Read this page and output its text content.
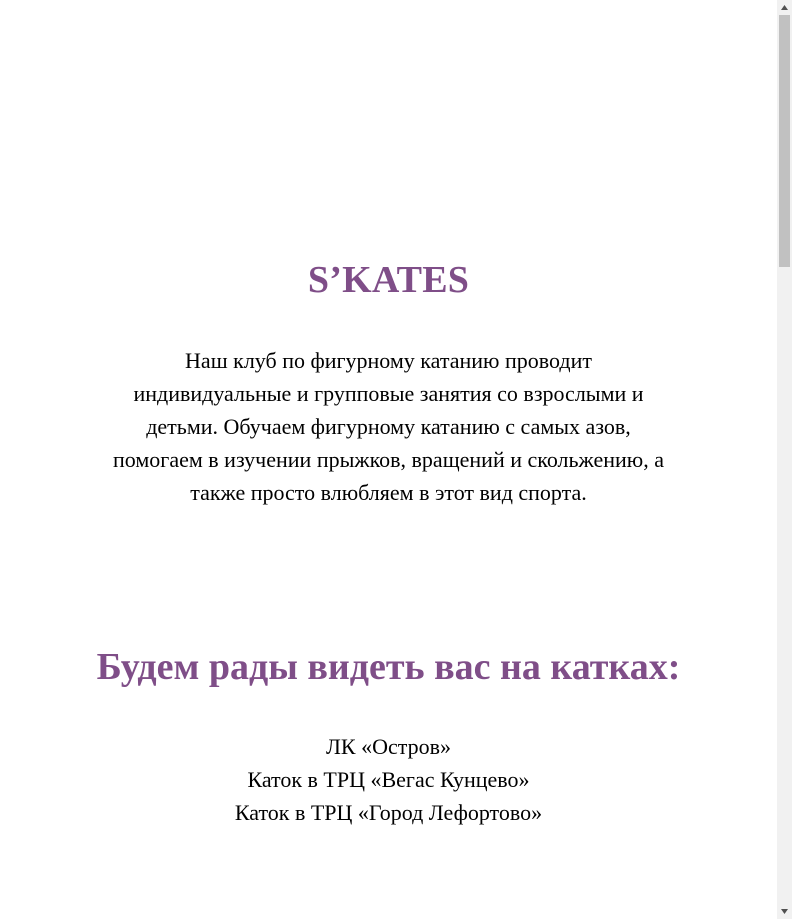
S’KATES

Наш клуб по фигурному катанию проводит индивидуальные и групповые занятия со взрослыми и детьми. Обучаем фигурному катанию с самых азов, помогаем в изучении прыжков, вращений и скольжению, а также просто влюбляем в этот вид спорта.

Будем рады видеть вас на катках:
ЛК «Остров»
Каток в ТРЦ «Вегас Кунцево»
Каток в ТРЦ «Город Лефортово»
